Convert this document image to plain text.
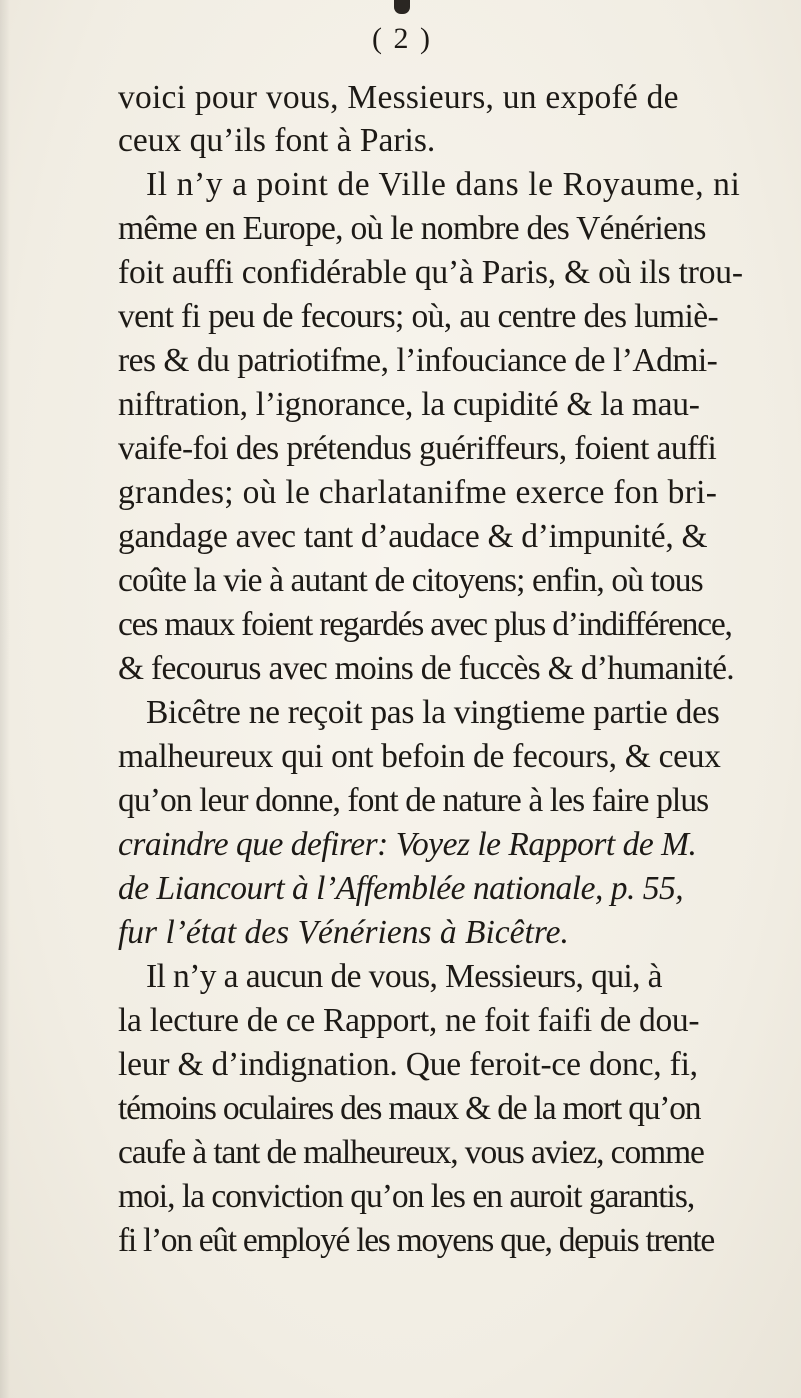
( 2 )
voici pour vous, Messieurs, un expofé de
ceux qu’ils font à Paris.
Il n’y a point de Ville dans le Royaume, ni
même en Europe, où le nombre des Vénériens
foit auffi confidérable qu’à Paris, & où ils trou-
vent fi peu de fecours; où, au centre des lumiè-
res & du patriotifme, l’infouciance de l’Admi-
niftration, l’ignorance, la cupidité & la mau-
vaife-foi des prétendus guériffeurs, foient auffi
grandes; où le charlatanifme exerce fon bri-
gandage avec tant d’audace & d’impunité, &
coûte la vie à autant de citoyens; enfin, où tous
ces maux foient regardés avec plus d’indifférence,
& fecourus avec moins de fuccès & d’humanité.
Bicêtre ne reçoit pas la vingtieme partie des
malheureux qui ont befoin de fecours, & ceux
qu’on leur donne, font de nature à les faire plus
craindre que defirer: Voyez le Rapport de M.
de Liancourt à l’Affemblée nationale, p. 55,
fur l’état des Vénériens à Bicêtre.
Il n’y a aucun de vous, Messieurs, qui, à
la lecture de ce Rapport, ne foit faifi de dou-
leur & d’indignation. Que feroit-ce donc, fi,
témoins oculaires des maux & de la mort qu’on
caufe à tant de malheureux, vous aviez, comme
moi, la conviction qu’on les en auroit garantis,
fi l’on eût employé les moyens que, depuis trente
